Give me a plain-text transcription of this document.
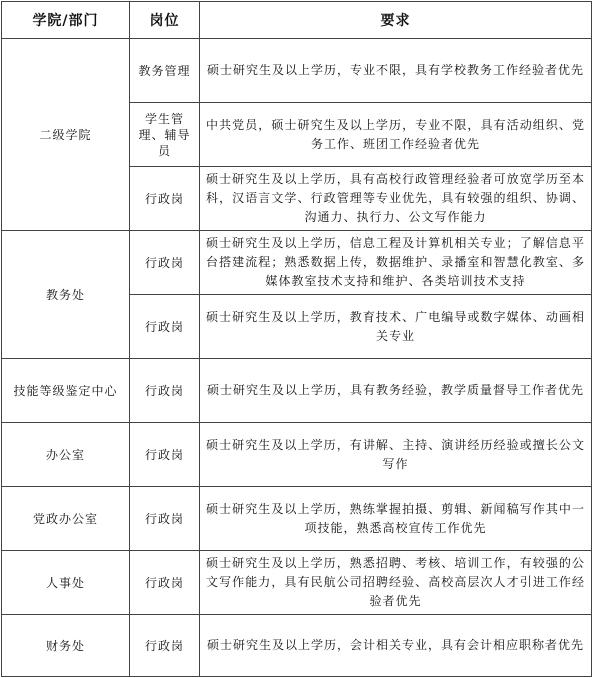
学院/部门	岗位	要求
二级学院	教务管理	硕士研究生及以上学历，专业不限，具有学校教务工作经验者优先
	学生管理、辅导员	中共党员，硕士研究生及以上学历，专业不限，具有活动组织、党务工作、班团工作经验者优先
	行政岗	硕士研究生及以上学历，具有高校行政管理经验者可放宽学历至本科，汉语言文学、行政管理等专业优先，具有较强的组织、协调、沟通力、执行力、公文写作能力
教务处	行政岗	硕士研究生及以上学历，信息工程及计算机相关专业；了解信息平台搭建流程；熟悉数据上传，数据维护、录播室和智慧化教室、多媒体教室技术支持和维护、各类培训技术支持
	行政岗	硕士研究生及以上学历，教育技术、广电编导或数字媒体、动画相关专业
技能等级鉴定中心	行政岗	硕士研究生及以上学历，具有教务经验，教学质量督导工作者优先
办公室	行政岗	硕士研究生及以上学历，有讲解、主持、演讲经历经验或擅长公文写作
党政办公室	行政岗	硕士研究生及以上学历，熟练掌握拍摄、剪辑、新闻稿写作其中一项技能，熟悉高校宣传工作优先
人事处	行政岗	硕士研究生及以上学历，熟悉招聘、考核、培训工作，有较强的公文写作能力，具有民航公司招聘经验、高校高层次人才引进工作经验者优先
财务处	行政岗	硕士研究生及以上学历，会计相关专业，具有会计相应职称者优先
